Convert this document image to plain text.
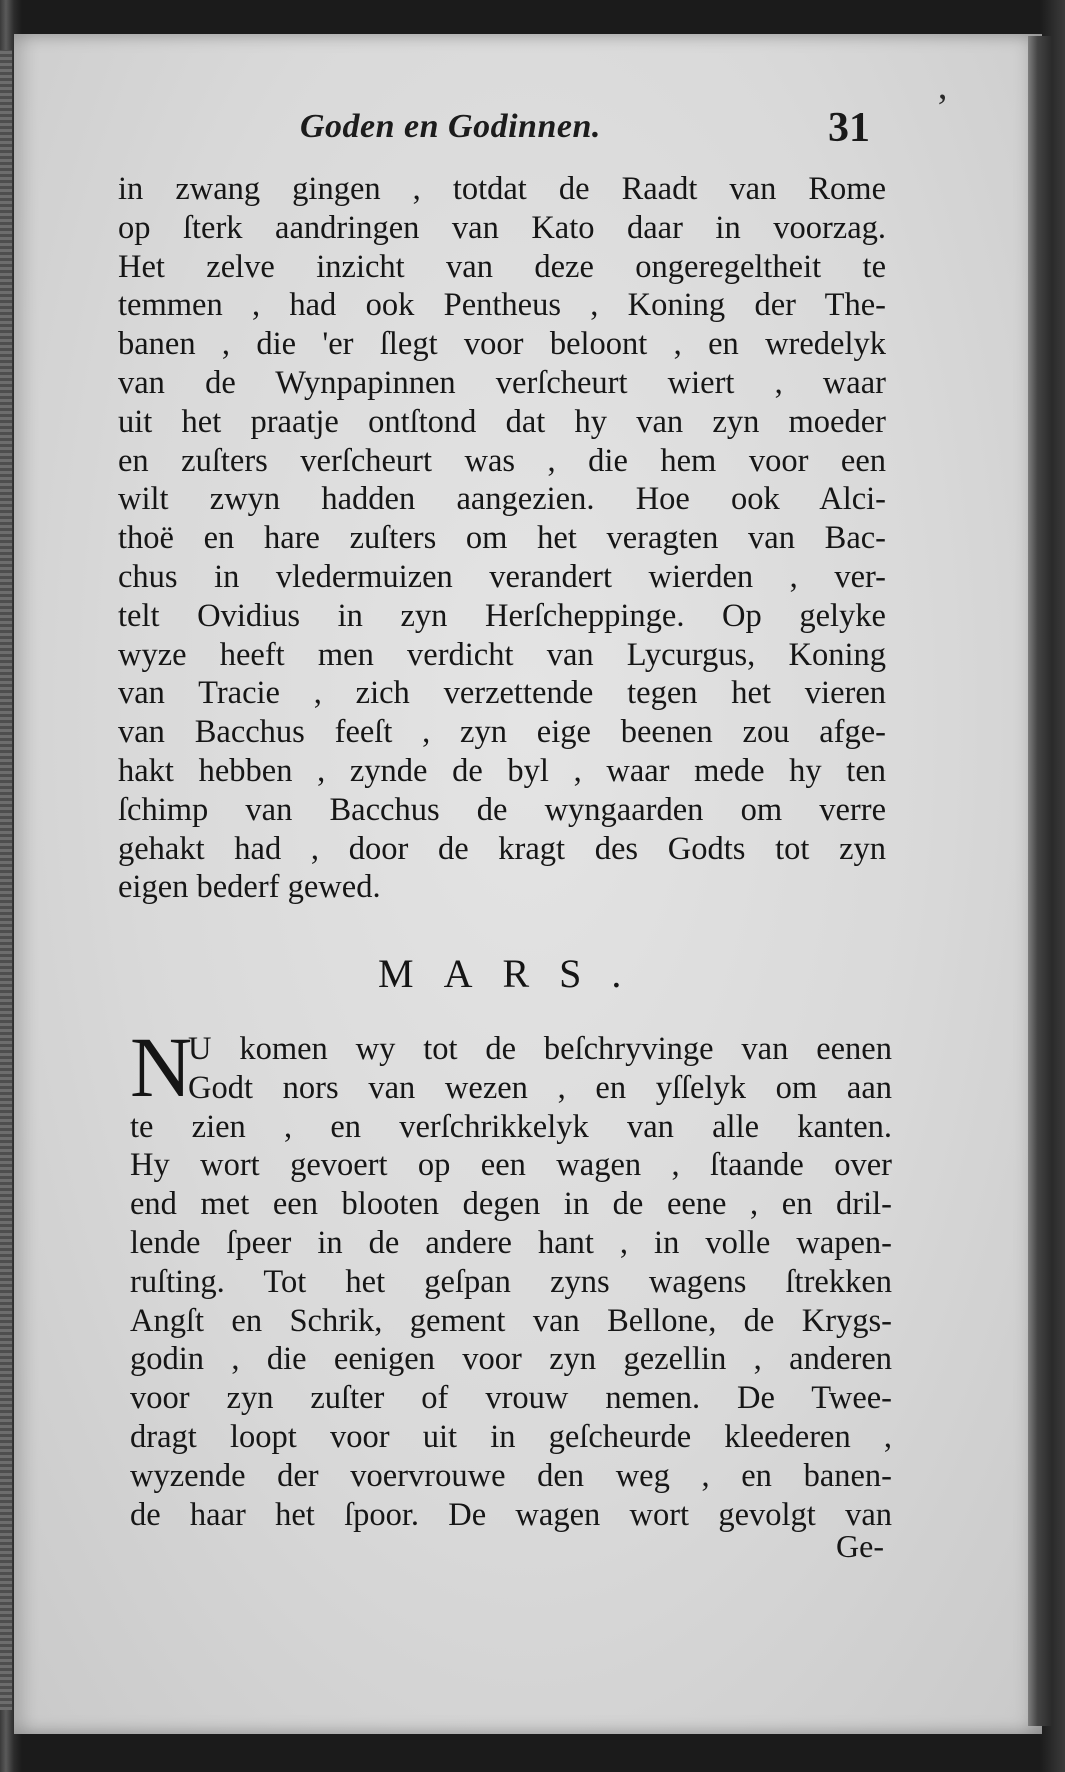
Goden en Godinnen.	31 ʼ
in zwang gingen , totdat de Raadt van Rome
op ſterk aandringen van Kato daar in voorzag.
Het zelve inzicht van deze ongeregeltheit te
temmen , had ook Pentheus , Koning der The-
banen , die 'er ſlegt voor beloont , en wredelyk
van de Wynpapinnen verſcheurt wiert , waar
uit het praatje ontſtond dat hy van zyn moeder
en zuſters verſcheurt was , die hem voor een
wilt zwyn hadden aangezien. Hoe ook Alci-
thoë en hare zuſters om het veragten van Bac-
chus in vledermuizen verandert wierden , ver-
telt Ovidius in zyn Herſcheppinge. Op gelyke
wyze heeft men verdicht van Lycurgus, Koning
van Tracie , zich verzettende tegen het vieren
van Bacchus feeſt , zyn eige beenen zou afge-
hakt hebben , zynde de byl , waar mede hy ten
ſchimp van Bacchus de wyngaarden om verre
gehakt had , door de kragt des Godts tot zyn
eigen bederf gewed.
MARS.
N
U komen wy tot de beſchryvinge van eenen
Godt nors van wezen , en yſſelyk om aan
te zien , en verſchrikkelyk van alle kanten.
Hy wort gevoert op een wagen , ſtaande over
end met een blooten degen in de eene , en dril-
lende ſpeer in de andere hant , in volle wapen-
ruſting. Tot het geſpan zyns wagens ſtrekken
Angſt en Schrik, gement van Bellone, de Krygs-
godin , die eenigen voor zyn gezellin , anderen
voor zyn zuſter of vrouw nemen. De Twee-
dragt loopt voor uit in geſcheurde kleederen ,
wyzende der voervrouwe den weg , en banen-
de haar het ſpoor. De wagen wort gevolgt van
Ge-
